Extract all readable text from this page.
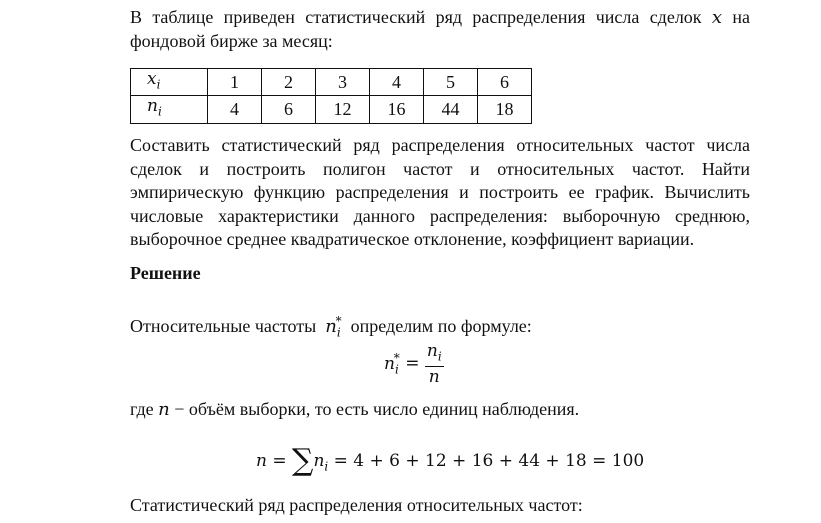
В таблице приведен статистический ряд распределения числа сделок x на
фондовой бирже за месяц:
$x_i$	1	2	3	4	5	6
$n_i$	4	6	12	16	44	18
Составить статистический ряд распределения относительных частот числа
сделок и построить полигон частот и относительных частот. Найти
эмпирическую функцию распределения и построить ее график. Вычислить
числовые характеристики данного распределения: выборочную среднюю,
выборочное среднее квадратическое отклонение, коэффициент вариации.
Решение
Относительные частоты $n_i^*$ определим по формуле:
$n_i^* = \frac{n_i}{n}$
где n − объём выборки, то есть число единиц наблюдения.
$n = \sum n_i = 4 + 6 + 12 + 16 + 44 + 18 = 100$
Статистический ряд распределения относительных частот:
